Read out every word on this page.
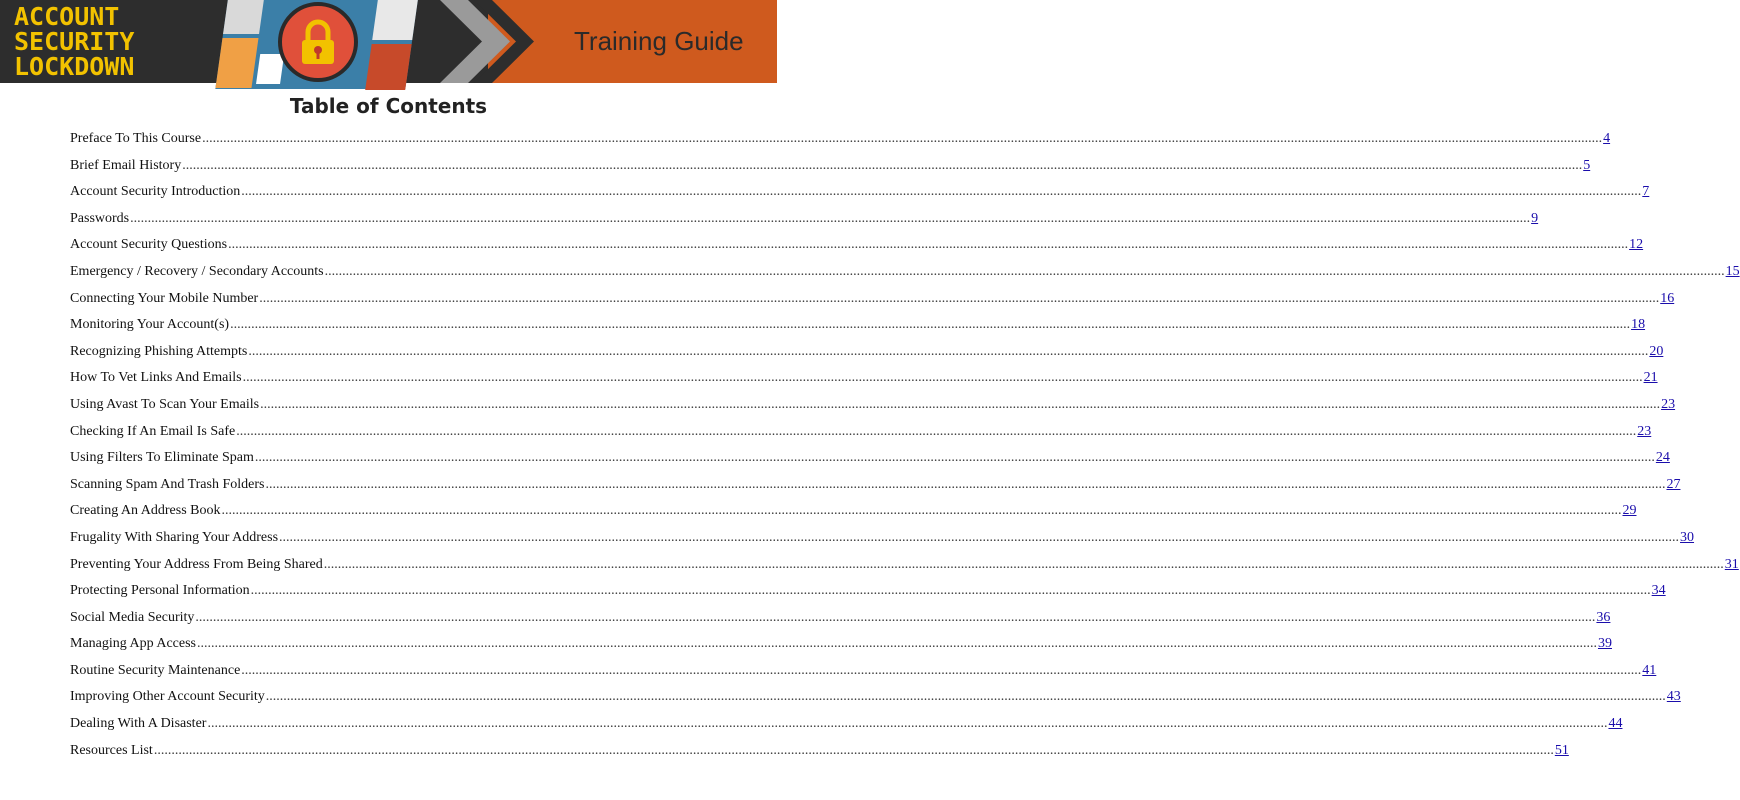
ACCOUNT
SECURITY
LOCKDOWN
Training Guide
Table of Contents
Preface To This Course ................................................................................................................................................................................................................................................................................................................................................................................................................ 4
Brief Email History ................................................................................................................................................................................................................................................................................................................................................................................................................ 5
Account Security Introduction ................................................................................................................................................................................................................................................................................................................................................................................................................ 7
Passwords ................................................................................................................................................................................................................................................................................................................................................................................................................ 9
Account Security Questions ................................................................................................................................................................................................................................................................................................................................................................................................................ 12
Emergency / Recovery / Secondary Accounts ................................................................................................................................................................................................................................................................................................................................................................................................................ 15
Connecting Your Mobile Number ................................................................................................................................................................................................................................................................................................................................................................................................................ 16
Monitoring Your Account(s) ................................................................................................................................................................................................................................................................................................................................................................................................................ 18
Recognizing Phishing Attempts ................................................................................................................................................................................................................................................................................................................................................................................................................ 20
How To Vet Links And Emails ................................................................................................................................................................................................................................................................................................................................................................................................................ 21
Using Avast To Scan Your Emails ................................................................................................................................................................................................................................................................................................................................................................................................................ 23
Checking If An Email Is Safe ................................................................................................................................................................................................................................................................................................................................................................................................................ 23
Using Filters To Eliminate Spam ................................................................................................................................................................................................................................................................................................................................................................................................................ 24
Scanning Spam And Trash Folders ................................................................................................................................................................................................................................................................................................................................................................................................................ 27
Creating An Address Book ................................................................................................................................................................................................................................................................................................................................................................................................................ 29
Frugality With Sharing Your Address ................................................................................................................................................................................................................................................................................................................................................................................................................ 30
Preventing Your Address From Being Shared ................................................................................................................................................................................................................................................................................................................................................................................................................ 31
Protecting Personal Information ................................................................................................................................................................................................................................................................................................................................................................................................................ 34
Social Media Security ................................................................................................................................................................................................................................................................................................................................................................................................................ 36
Managing App Access ................................................................................................................................................................................................................................................................................................................................................................................................................ 39
Routine Security Maintenance ................................................................................................................................................................................................................................................................................................................................................................................................................ 41
Improving Other Account Security ................................................................................................................................................................................................................................................................................................................................................................................................................ 43
Dealing With A Disaster ................................................................................................................................................................................................................................................................................................................................................................................................................ 44
Resources List ................................................................................................................................................................................................................................................................................................................................................................................................................ 51
